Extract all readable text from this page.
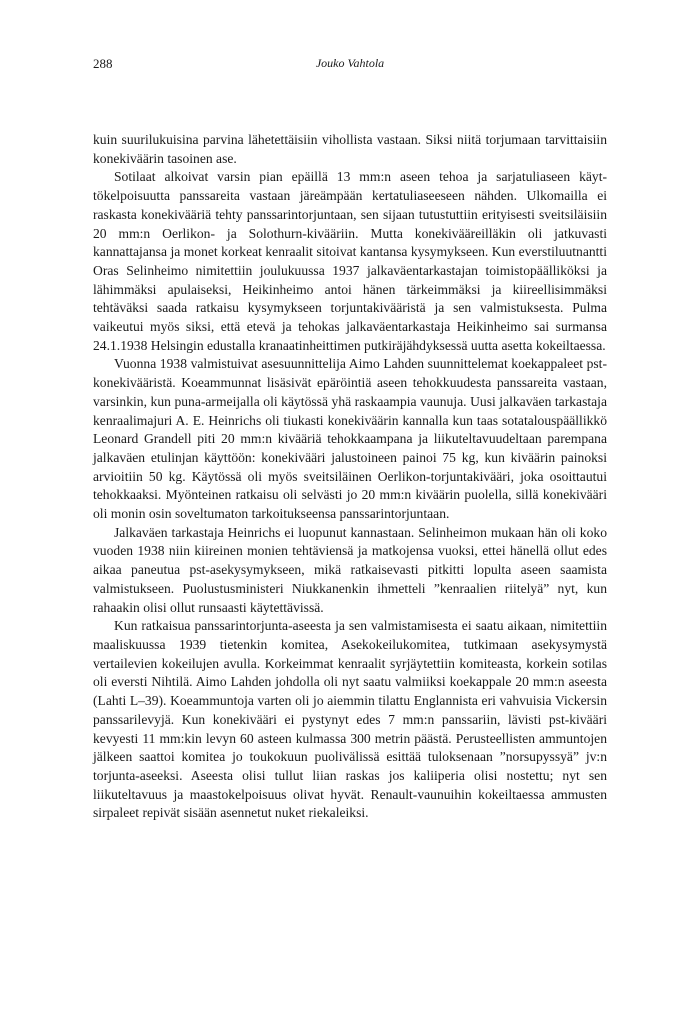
288	Jouko Vahtola

kuin suurilukuisina parvina lähetettäisiin vihollista vastaan. Siksi niitä torjumaan tarvittaisiin konekiväärin tasoinen ase.

Sotilaat alkoivat varsin pian epäillä 13 mm:n aseen tehoa ja sarjatuliaseen käyttökelpoisuutta panssareita vastaan järeämpään kertatuliaseeseen nähden. Ulkomailla ei raskasta konekivääriä tehty panssarintorjuntaan, sen sijaan tutustuttiin erityisesti sveitsiläisiin 20 mm:n Oerlikon- ja Solothurn-kivääriin. Mutta konekivääreilläkin oli jatkuvasti kannattajansa ja monet korkeat kenraalit sitoivat kantansa kysymykseen. Kun everstiluutnantti Oras Selinheimo nimitettiin joulukuussa 1937 jalkaväentarkastajan toimistopäälliköksi ja lähimmäksi apulaiseksi, Heikinheimo antoi hänen tärkeimmäksi ja kiireellisimmäksi tehtäväksi saada ratkaisu kysymykseen torjuntakivääristä ja sen valmistuksesta. Pulma vaikeutui myös siksi, että etevä ja tehokas jalkaväentarkastaja Heikinheimo sai surmansa 24.1.1938 Helsingin edustalla kranaatinheittimen putkiräjähdyksessä uutta asetta kokeiltaessa.

Vuonna 1938 valmistuivat asesuunnittelija Aimo Lahden suunnittelemat koekappaleet pst-konekivääristä. Koeammunnat lisäsivät epäröintiä aseen tehokkuudesta panssareita vastaan, varsinkin, kun puna-armeijalla oli käytössä yhä raskaampia vaunuja. Uusi jalkaväen tarkastaja kenraalimajuri A. E. Heinrichs oli tiukasti konekiväärin kannalla kun taas sotatalouspäällikkö Leonard Grandell piti 20 mm:n kivääriä tehokkaampana ja liikuteltavuudeltaan parempana jalkaväen etulinjan käyttöön: konekivääri jalustoineen painoi 75 kg, kun kiväärin painoksi arvioitiin 50 kg. Käytössä oli myös sveitsiläinen Oerlikon-torjuntakivääri, joka osoittautui tehokkaaksi. Myönteinen ratkaisu oli selvästi jo 20 mm:n kiväärin puolella, sillä konekivääri oli monin osin soveltumaton tarkoitukseensa panssarintorjuntaan.

Jalkaväen tarkastaja Heinrichs ei luopunut kannastaan. Selinheimon mukaan hän oli koko vuoden 1938 niin kiireinen monien tehtäviensä ja matkojensa vuoksi, ettei hänellä ollut edes aikaa paneutua pst-asekysymykseen, mikä ratkaisevasti pitkitti lopulta aseen saamista valmistukseen. Puolustusministeri Niukkanenkin ihmetteli ”kenraalien riitelyä” nyt, kun rahaakin olisi ollut runsaasti käytettävissä.

Kun ratkaisua panssarintorjunta-aseesta ja sen valmistamisesta ei saatu aikaan, nimitettiin maaliskuussa 1939 tietenkin komitea, Asekokeilukomitea, tutkimaan asekysymystä vertailevien kokeilujen avulla. Korkeimmat kenraalit syrjäytettiin komiteasta, korkein sotilas oli eversti Nihtilä. Aimo Lahden johdolla oli nyt saatu valmiiksi koekappale 20 mm:n aseesta (Lahti L–39). Koeammuntoja varten oli jo aiemmin tilattu Englannista eri vahvuisia Vickersin panssarilevyjä. Kun konekivääri ei pystynyt edes 7 mm:n panssariin, lävisti pst-kivääri kevyesti 11 mm:kin levyn 60 asteen kulmassa 300 metrin päästä. Perusteellisten ammuntojen jälkeen saattoi komitea jo toukokuun puolivälissä esittää tuloksenaan ”norsupyssyä” jv:n torjunta-aseeksi. Aseesta olisi tullut liian raskas jos kaliiperia olisi nostettu; nyt sen liikuteltavuus ja maastokelpoisuus olivat hyvät. Renault-vaunuihin kokeiltaessa ammusten sirpaleet repivät sisään asennetut nuket riekaleiksi.
